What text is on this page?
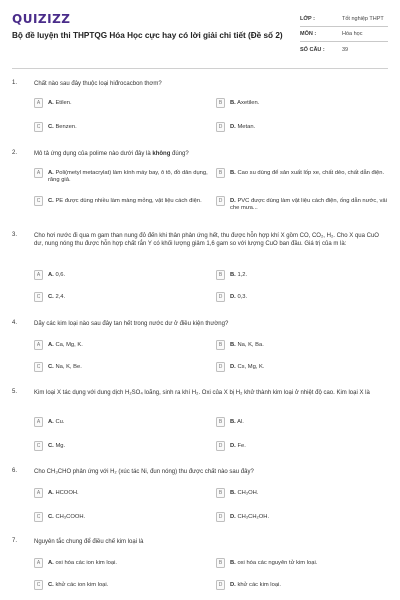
QUIZIZZ
Bộ đề luyện thi THPTQG Hóa Học cực hay có lời giải chi tiết (Đề số 2)
LỚP :	Tốt nghiệp THPT
MÔN :	Hóa học
SỐ CÂU :	39
1.	Chất nào sau đây thuộc loại hiđrocacbon thơm?
A	A. Etilen.	B	B. Axetilen.
C	C. Benzen.	D	D. Metan.
2.	Mô tả ứng dụng của polime nào dưới đây là không đúng?
A	A. Poli(metyl metacrylat) làm kính máy bay, ô tô, đồ dân dụng, răng giả.
B	B. Cao su dùng để sản xuất lốp xe, chất dẻo, chất dẫn điện.
C	C. PE được dùng nhiều làm màng mỏng, vật liệu cách điện.	D	D. PVC được dùng làm vật liệu cách điện, ống dẫn nước, vải che mưa...
3.	Cho hơi nước đi qua m gam than nung đỏ đến khi thân phản ứng hết, thu được hỗn hợp khí X gồm CO, CO₂, H₂. Cho X qua CuO dư, nung nóng thu được hỗn hợp chất rắn Y có khối lượng giảm 1,6 gam so với lượng CuO ban đầu. Giá trị của m là:
A	A. 0,6.	B	B. 1,2.
C	C. 2,4.	D	D. 0,3.
4.	Dãy các kim loại nào sau đây tan hết trong nước dư ở điều kiện thường?
A	A. Ca, Mg, K.	B	B. Na, K, Ba.
C	C. Na, K, Be.	D	D. Cs, Mg, K.
5.	Kim loại X tác dụng với dung dịch H₂SO₄ loãng, sinh ra khí H₂. Oxi của X bị H₂ khử thành kim loại ở nhiệt độ cao. Kim loại X là
A	A. Cu.	B	B. Al.
C	C. Mg.	D	D. Fe.
6.	Cho CH₃CHO phản ứng với H₂ (xúc tác Ni, đun nóng) thu được chất nào sau đây?
A	A. HCOOH.	B	B. CH₃OH.
C	C. CH₃COOH.	D	D. CH₃CH₂OH.
7.	Nguyên tắc chung để điều chế kim loại là
A	A. oxi hóa các ion kim loại.	B	B. oxi hóa các nguyên tử kim loại.
C	C. khử các ion kim loại.	D	D. khử các kim loại.
